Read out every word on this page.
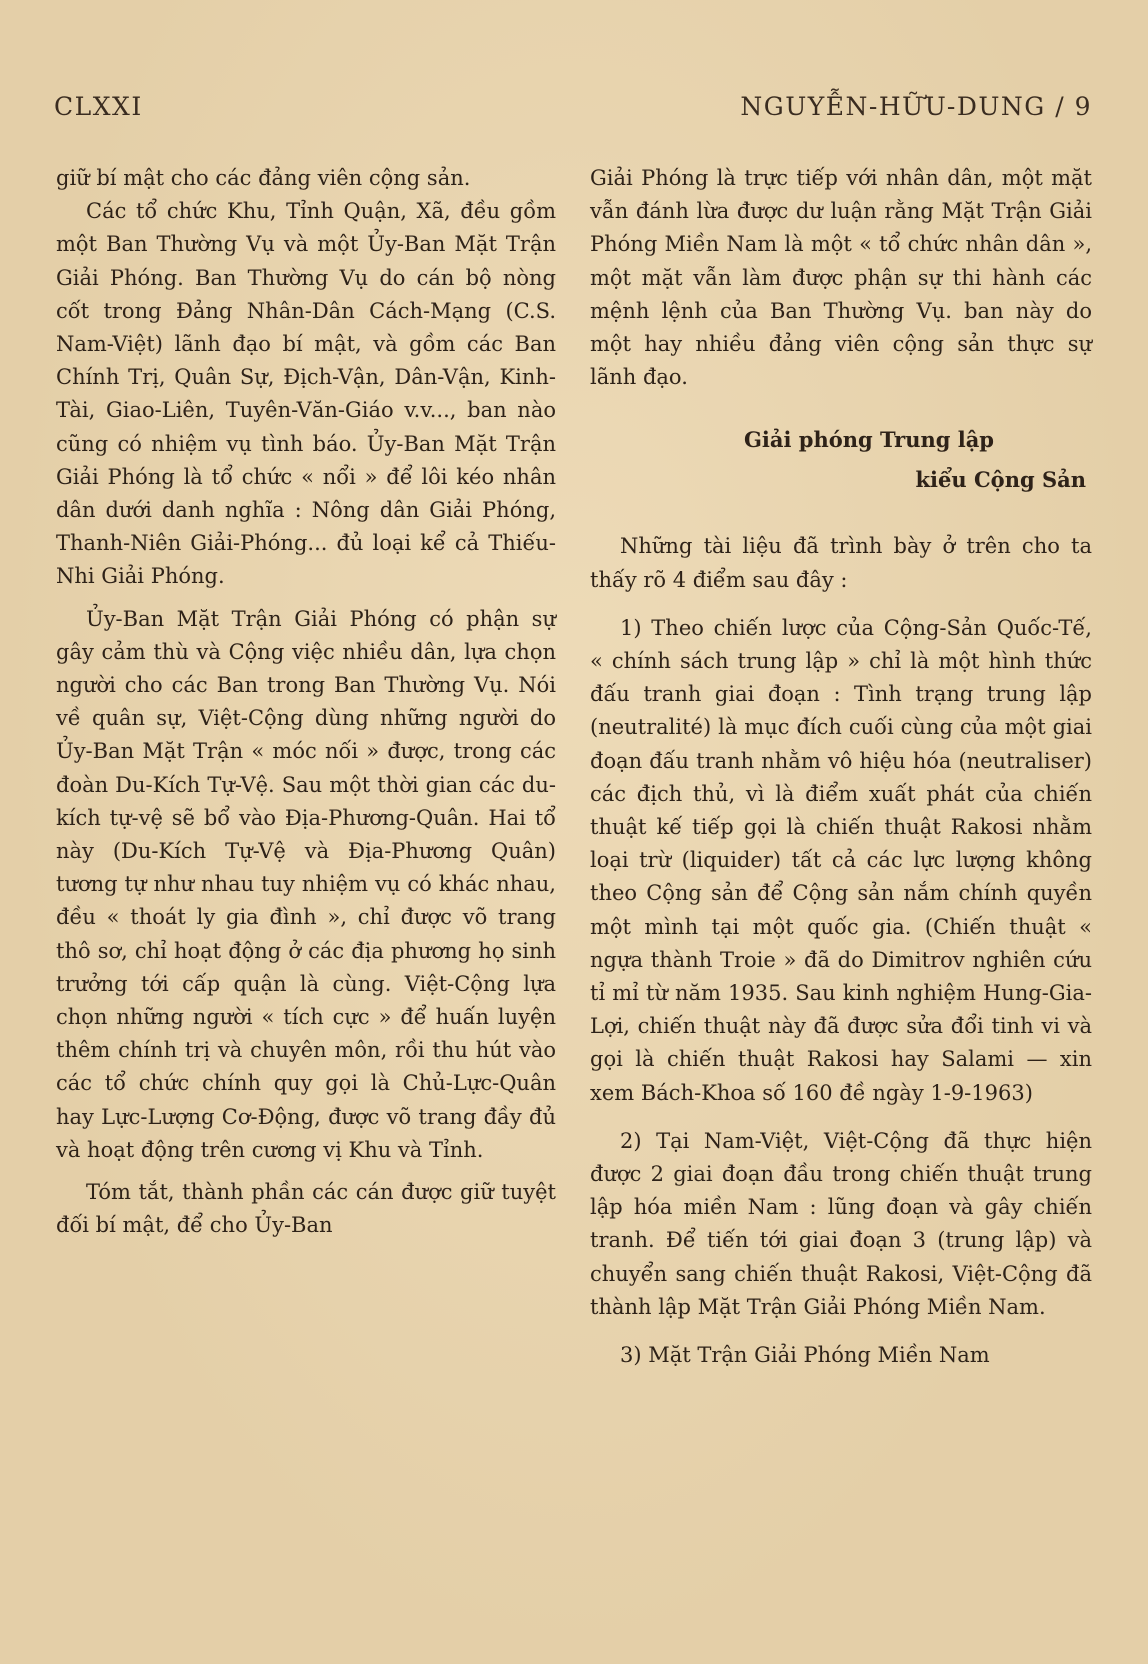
CLXXI	NGUYỄN-HỮU-DUNG / 9

giữ bí mật cho các đảng viên cộng sản.

Các tổ chức Khu, Tỉnh Quận, Xã, đều gồm một Ban Thường Vụ và một Ủy-Ban Mặt Trận Giải Phóng. Ban Thường Vụ do cán bộ nòng cốt trong Đảng Nhân-Dân Cách-Mạng (C.S. Nam-Việt) lãnh đạo bí mật, và gồm các Ban Chính Trị, Quân Sự, Địch-Vận, Dân-Vận, Kinh-Tài, Giao-Liên, Tuyên-Văn-Giáo v.v..., ban nào cũng có nhiệm vụ tình báo. Ủy-Ban Mặt Trận Giải Phóng là tổ chức « nổi » để lôi kéo nhân dân dưới danh nghĩa : Nông dân Giải Phóng, Thanh-Niên Giải-Phóng... đủ loại kể cả Thiếu-Nhi Giải Phóng.

Ủy-Ban Mặt Trận Giải Phóng có phận sự gây cảm thù và Cộng việc nhiều dân, lựa chọn người cho các Ban trong Ban Thường Vụ. Nói về quân sự, Việt-Cộng dùng những người do Ủy-Ban Mặt Trận « móc nối » được, trong các đoàn Du-Kích Tự-Vệ. Sau một thời gian các du-kích tự-vệ sẽ bổ vào Địa-Phương-Quân. Hai tổ này (Du-Kích Tự-Vệ và Địa-Phương Quân) tương tự như nhau tuy nhiệm vụ có khác nhau, đều « thoát ly gia đình », chỉ được võ trang thô sơ, chỉ hoạt động ở các địa phương họ sinh trưởng tới cấp quận là cùng. Việt-Cộng lựa chọn những người « tích cực » để huấn luyện thêm chính trị và chuyên môn, rồi thu hút vào các tổ chức chính quy gọi là Chủ-Lực-Quân hay Lực-Lượng Cơ-Động, được võ trang đầy đủ và hoạt động trên cương vị Khu và Tỉnh.

Tóm tắt, thành phần các cán được giữ tuyệt đối bí mật, để cho Ủy-Ban

Giải Phóng là trực tiếp với nhân dân, một mặt vẫn đánh lừa được dư luận rằng Mặt Trận Giải Phóng Miền Nam là một « tổ chức nhân dân », một mặt vẫn làm được phận sự thi hành các mệnh lệnh của Ban Thường Vụ. ban này do một hay nhiều đảng viên cộng sản thực sự lãnh đạo.

Giải phóng Trung lập
kiểu Cộng Sản

Những tài liệu đã trình bày ở trên cho ta thấy rõ 4 điểm sau đây :

1) Theo chiến lược của Cộng-Sản Quốc-Tế, « chính sách trung lập » chỉ là một hình thức đấu tranh giai đoạn : Tình trạng trung lập (neutralité) là mục đích cuối cùng của một giai đoạn đấu tranh nhằm vô hiệu hóa (neutraliser) các địch thủ, vì là điểm xuất phát của chiến thuật kế tiếp gọi là chiến thuật Rakosi nhằm loại trừ (liquider) tất cả các lực lượng không theo Cộng sản để Cộng sản nắm chính quyền một mình tại một quốc gia. (Chiến thuật « ngựa thành Troie » đã do Dimitrov nghiên cứu tỉ mỉ từ năm 1935. Sau kinh nghiệm Hung-Gia-Lợi, chiến thuật này đã được sửa đổi tinh vi và gọi là chiến thuật Rakosi hay Salami — xin xem Bách-Khoa số 160 đề ngày 1-9-1963)

2) Tại Nam-Việt, Việt-Cộng đã thực hiện được 2 giai đoạn đầu trong chiến thuật trung lập hóa miền Nam : lũng đoạn và gây chiến tranh. Để tiến tới giai đoạn 3 (trung lập) và chuyển sang chiến thuật Rakosi, Việt-Cộng đã thành lập Mặt Trận Giải Phóng Miền Nam.

3) Mặt Trận Giải Phóng Miền Nam
